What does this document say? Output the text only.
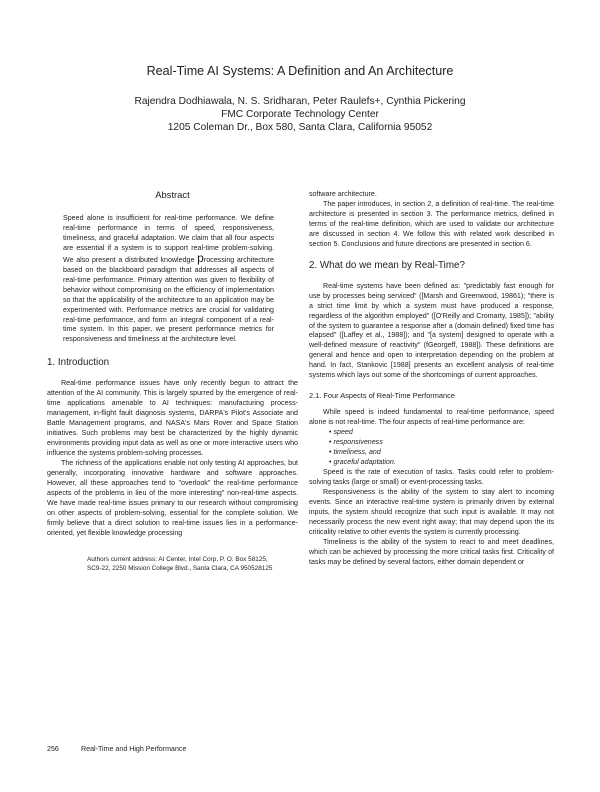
Real-Time AI Systems: A Definition and An Architecture
Rajendra Dodhiawala, N. S. Sridharan, Peter Raulefs+, Cynthia Pickering
FMC Corporate Technology Center
1205 Coleman Dr., Box 580, Santa Clara, California 95052
Abstract

Speed alone is insufficient for real-time performance. We define real-time performance in terms of speed, responsiveness, timeliness, and graceful adaptation. We claim that all four aspects are essential if a system is to support real-time problem-solving. We also present a distributed knowledge processing architecture based on the blackboard paradigm that addresses all aspects of real-time performance. Primary attention was given to flexibility of behavior without compromising on the efficiency of implementation so that the applicability of the architecture to an application may be experimented with. Performance metrics are crucial for validating real-time performance, and form an integral component of a real-time system. In this paper, we present performance metrics for responsiveness and timeliness at the architecture level.

1. Introduction

Real-time performance issues have only recently begun to attract the attention of the AI community. This is largely spurred by the emergence of real-time applications amenable to AI techniques: manufacturing process-management, in-flight fault diagnosis systems, DARPA's Pilot's Associate and Battle Management programs, and NASA's Mars Rover and Space Station initiatives. Such problems may best be characterized by the highly dynamic environments providing input data as well as one or more interactive users who influence the systems problem-solving processes.

The richness of the applications enable not only testing AI approaches, but generally, incorporating innovative hardware and software approaches. However, all these approaches tend to "overlook" the real-time performance aspects of the problems in lieu of the more interesting" non-real-time aspects. We have made real-time issues primary to our research without compromising on other aspects of problem-solving, essential for the complete solution. We firmly believe that a direct solution to real-time issues lies in a performance-oriented, yet flexible knowledge processing

Authors current address: AI Center, Intel Corp, P. O. Box 58125, SC9-22, 2250 Mission College Blvd., Santa Clara, CA 950528125

software architecture.

The paper introduces, in section 2, a definition of real-time. The real-time architecture is presented in section 3. The performance metrics, defined in terms of the real-time definition, which are used to validate our architecture are discussed in section 4. We follow this with related work described in section 5. Conclusions and future directions are presented in section 6.

2. What do we mean by Real-Time?

Real-time systems have been defined as: "predictably fast enough for use by processes being serviced" ([Marsh and Greenwood, 19861); "there is a strict time limit by which a system must have produced a response, regardless of the algorithm employed" ([O'Reilly and Cromarty, 1985]); "ability of the system to guarantee a response after a (domain defined) fixed time has elapsed" ([Laffey et al., 1988]); and "[a system] designed to operate with a well-defined measure of reactivity" (fGeorgeff, 1988]). These definitions are general and hence and open to interpretation depending on the problem at hand. In fact, Stankovic [1988] presents an excellent analysis of real-time systems which lays out some of the shortcomings of current approaches.

2.1. Four Aspects of Real-Time Performance

While speed is indeed fundamental to real-time performance, speed alone is not real-time. The four aspects of real-time performance are:

• speed
• responsiveness
• timeliness, and
• graceful adaptation.

Speed is the rate of execution of tasks. Tasks could refer to problem-solving tasks (large or small) or event-processing tasks.

Responsiveness is the ability of the system to stay alert to incoming events. Since an interactive real-time system is primarily driven by external inputs, the system should recognize that such input is available. It may not necessarily process the new event right away; that may depend upon the its criticality relative to other events the system is currently processing.

Timeliness is the ability of the system to react to and meet deadlines, which can be achieved by processing the more critical tasks first. Criticality of tasks may be defined by several factors, either domain dependent or

256	Real-Time and High Performance
